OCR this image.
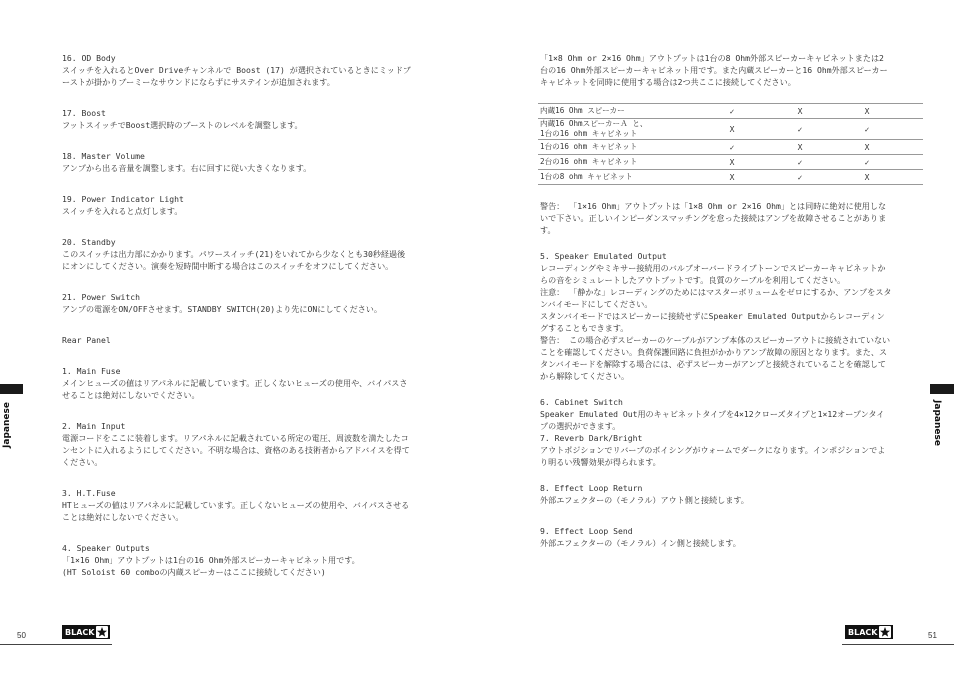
16. OD Body

スイッチを入れるとOver Driveチャンネルで Boost (17) が選択されているときにミッドブーストが掛かりブーミーなサウンドにならずにサステインが追加されます。

17. Boost

フットスイッチでBoost選択時のブーストのレベルを調整します。

18. Master Volume

アンプから出る音量を調整します。右に回すに従い大きくなります。

19. Power Indicator Light

スイッチを入れると点灯します。

20. Standby

このスイッチは出力部にかかります。パワースイッチ(21)をいれてから少なくとも30秒経過後にオンにしてください。演奏を短時間中断する場合はこのスイッチをオフにしてください。

21. Power Switch

アンプの電源をON/OFFさせます。STANDBY SWITCH(20)より先にONにしてください。

Rear Panel

1. Main Fuse

メインヒューズの値はリアパネルに記載しています。正しくないヒューズの使用や、バイパスさせることは絶対にしないでください。

2. Main Input

電源コードをここに装着します。リアパネルに記載されている所定の電圧、周波数を満たしたコンセントに入れるようにしてください。不明な場合は、資格のある技術者からアドバイスを得てください。

3. H.T.Fuse

HTヒューズの値はリアパネルに記載しています。正しくないヒューズの使用や、バイパスさせることは絶対にしないでください。

4. Speaker Outputs

「1×16 Ohm」アウトプットは1台の16 Ohm外部スピーカーキャビネット用です。

(HT Soloist 60 comboの内蔵スピーカーはここに接続してください)

Japanese
50	BLACK

「1×8 Ohm or 2×16 Ohm」アウトプットは1台の8 Ohm外部スピーカーキャビネットまたは2台の16 Ohm外部スピーカーキャビネット用です。また内蔵スピーカーと16 Ohm外部スピーカーキャビネットを同時に使用する場合は2つ共ここに接続してください。

内蔵16 Ohm スピーカー	✓	X	X	
内蔵16 OhmスピーカーＡ と、
1台の16 ohm キャビネット	X	✓	✓	
1台の16 ohm キャビネット	✓	X	X	
2台の16 ohm キャビネット	X	✓	✓	
1台の8 ohm キャビネット	X	✓	X	

警告： 「1×16 Ohm」アウトプットは「1×8 Ohm or 2×16 Ohm」とは同時に絶対に使用しないで下さい。正しいインピーダンスマッチングを怠った接続はアンプを故障させることがあります。

5. Speaker Emulated Output

レコーディングやミキサー接続用のバルブオーバードライブトーンでスピーカーキャビネットからの音をシミュレートしたアウトプットです。良質のケーブルを利用してください。

注意： 「静かな」レコーディングのためにはマスターボリュームをゼロにするか、アンプをスタンバイモードにしてください。

スタンバイモードではスピーカーに接続せずにSpeaker Emulated Outputからレコーディングすることもできます。

警告： この場合必ずスピーカーのケーブルがアンプ本体のスピーカーアウトに接続されていないことを確認してください。負荷保護回路に負担がかかりアンプ故障の原因となります。また、スタンバイモードを解除する場合には、必ずスピーカーがアンプと接続されていることを確認してから解除してください。

6. Cabinet Switch

Speaker Emulated Out用のキャビネットタイプを4×12クローズタイプと1×12オープンタイプの選択ができます。

7. Reverb Dark/Bright

アウトポジションでリバーブのボイシングがウォームでダークになります。インポジションでより明るい残響効果が得られます。

8. Effect Loop Return

外部エフェクターの（モノラル）アウト側と接続します。

9. Effect Loop Send

外部エフェクターの（モノラル）イン側と接続します。

Japanese
51
BLACK
